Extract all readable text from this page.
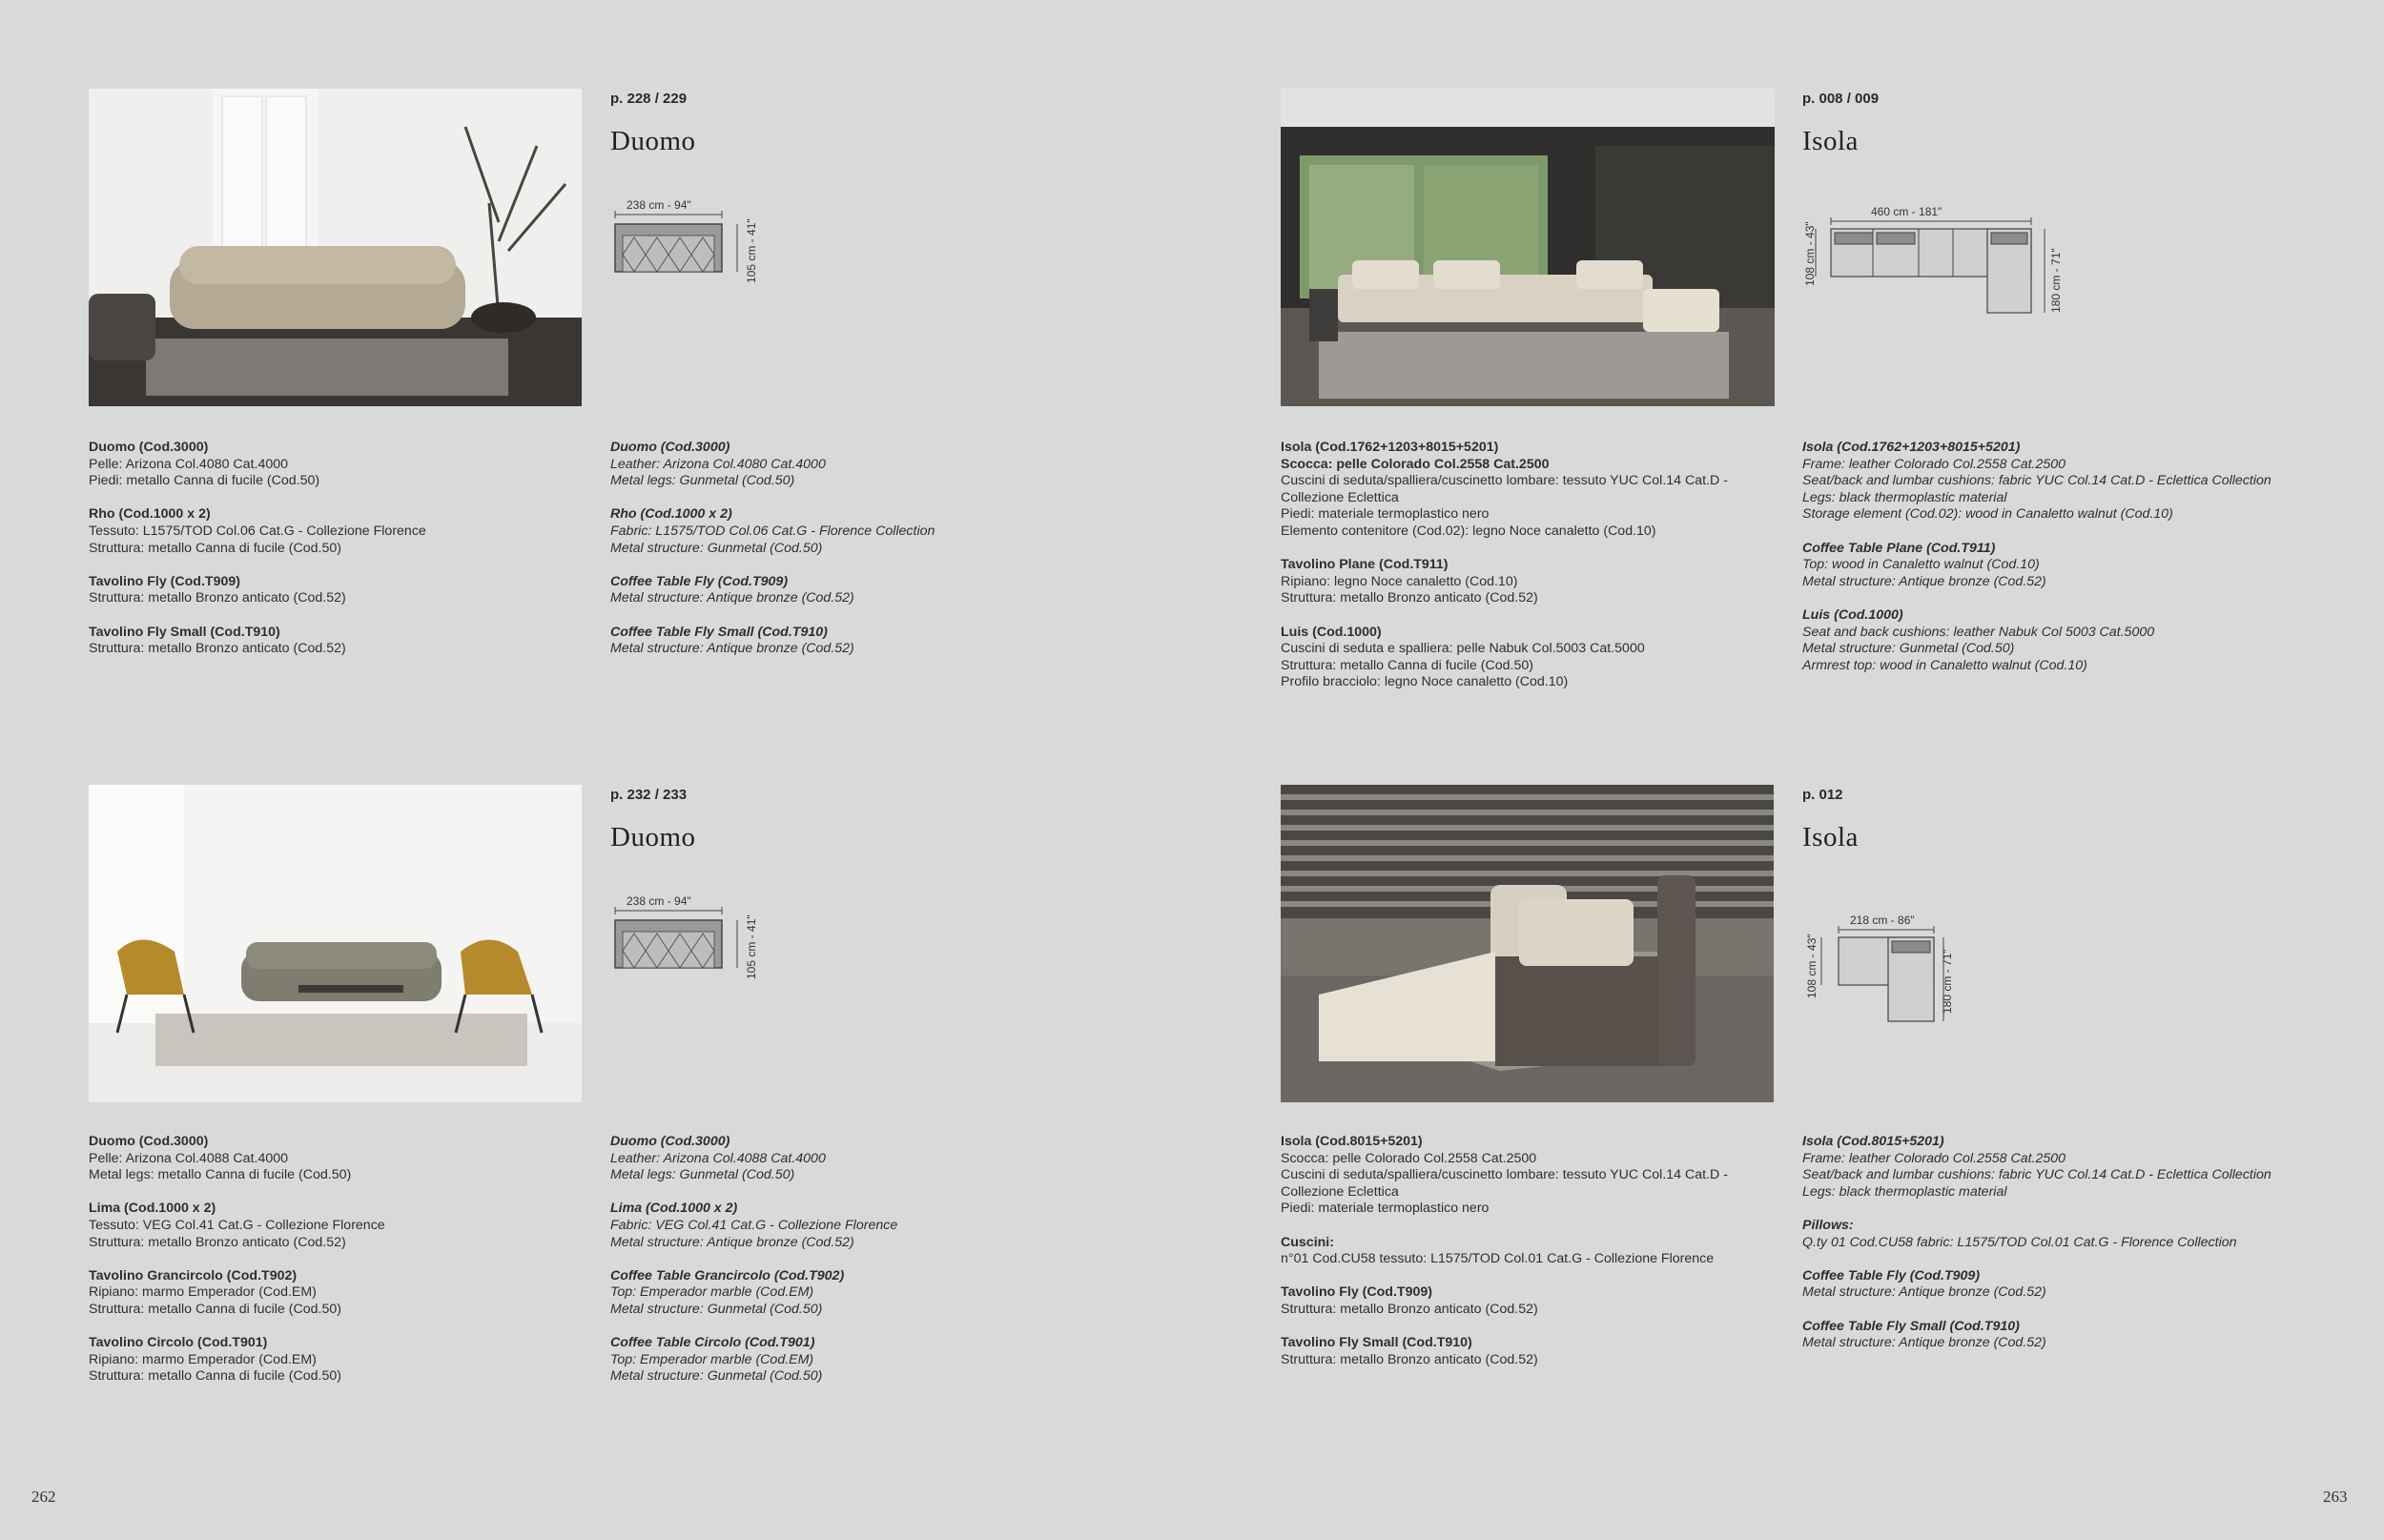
p. 228 / 229
Duomo
238 cm - 94"
105 cm - 41"
Duomo (Cod.3000)
Pelle: Arizona Col.4080 Cat.4000
Piedi: metallo Canna di fucile (Cod.50)
Rho (Cod.1000 x 2)
Tessuto: L1575/TOD Col.06 Cat.G - Collezione Florence
Struttura: metallo Canna di fucile (Cod.50)
Tavolino Fly (Cod.T909)
Struttura: metallo Bronzo anticato (Cod.52)
Tavolino Fly Small (Cod.T910)
Struttura: metallo Bronzo anticato (Cod.52)
Duomo (Cod.3000)
Leather: Arizona Col.4080 Cat.4000
Metal legs: Gunmetal (Cod.50)
Rho (Cod.1000 x 2)
Fabric: L1575/TOD Col.06 Cat.G - Florence Collection
Metal structure: Gunmetal (Cod.50)
Coffee Table Fly (Cod.T909)
Metal structure: Antique bronze (Cod.52)
Coffee Table Fly Small (Cod.T910)
Metal structure: Antique bronze (Cod.52)
p. 008 / 009
Isola
460 cm - 181"
108 cm - 43"	180 cm - 71"
Isola (Cod.1762+1203+8015+5201)
Scocca: pelle Colorado Col.2558 Cat.2500
Cuscini di seduta/spalliera/cuscinetto lombare: tessuto YUC Col.14 Cat.D -
Collezione Eclettica
Piedi: materiale termoplastico nero
Elemento contenitore (Cod.02): legno Noce canaletto (Cod.10)
Tavolino Plane (Cod.T911)
Ripiano: legno Noce canaletto (Cod.10)
Struttura: metallo Bronzo anticato (Cod.52)
Luis (Cod.1000)
Cuscini di seduta e spalliera: pelle Nabuk Col.5003 Cat.5000
Struttura: metallo Canna di fucile (Cod.50)
Profilo bracciolo: legno Noce canaletto (Cod.10)
Isola (Cod.1762+1203+8015+5201)
Frame: leather Colorado Col.2558 Cat.2500
Seat/back and lumbar cushions: fabric YUC Col.14 Cat.D - Eclettica Collection
Legs: black thermoplastic material
Storage element (Cod.02): wood in Canaletto walnut (Cod.10)
Coffee Table Plane (Cod.T911)
Top: wood in Canaletto walnut (Cod.10)
Metal structure: Antique bronze (Cod.52)
Luis (Cod.1000)
Seat and back cushions: leather Nabuk Col 5003 Cat.5000
Metal structure: Gunmetal (Cod.50)
Armrest top: wood in Canaletto walnut (Cod.10)
p. 232 / 233
Duomo
238 cm - 94"
105 cm - 41"
Duomo (Cod.3000)
Pelle: Arizona Col.4088 Cat.4000
Metal legs: metallo Canna di fucile (Cod.50)
Lima (Cod.1000 x 2)
Tessuto: VEG Col.41 Cat.G - Collezione Florence
Struttura: metallo Bronzo anticato (Cod.52)
Tavolino Grancircolo (Cod.T902)
Ripiano: marmo Emperador (Cod.EM)
Struttura: metallo Canna di fucile (Cod.50)
Tavolino Circolo (Cod.T901)
Ripiano: marmo Emperador (Cod.EM)
Struttura: metallo Canna di fucile (Cod.50)
Duomo (Cod.3000)
Leather: Arizona Col.4088 Cat.4000
Metal legs: Gunmetal (Cod.50)
Lima (Cod.1000 x 2)
Fabric: VEG Col.41 Cat.G - Collezione Florence
Metal structure: Antique bronze (Cod.52)
Coffee Table Grancircolo (Cod.T902)
Top: Emperador marble (Cod.EM)
Metal structure: Gunmetal (Cod.50)
Coffee Table Circolo (Cod.T901)
Top: Emperador marble (Cod.EM)
Metal structure: Gunmetal (Cod.50)
p. 012
Isola
218 cm - 86"
108 cm - 43"	180 cm - 71"
Isola (Cod.8015+5201)
Scocca: pelle Colorado Col.2558 Cat.2500
Cuscini di seduta/spalliera/cuscinetto lombare: tessuto YUC Col.14 Cat.D -
Collezione Eclettica
Piedi: materiale termoplastico nero
Cuscini:
n°01 Cod.CU58 tessuto: L1575/TOD Col.01 Cat.G - Collezione Florence
Tavolino Fly (Cod.T909)
Struttura: metallo Bronzo anticato (Cod.52)
Tavolino Fly Small (Cod.T910)
Struttura: metallo Bronzo anticato (Cod.52)
Isola (Cod.8015+5201)
Frame: leather Colorado Col.2558 Cat.2500
Seat/back and lumbar cushions: fabric YUC Col.14 Cat.D - Eclettica Collection
Legs: black thermoplastic material
Pillows:
Q.ty 01 Cod.CU58 fabric: L1575/TOD Col.01 Cat.G - Florence Collection
Coffee Table Fly (Cod.T909)
Metal structure: Antique bronze (Cod.52)
Coffee Table Fly Small (Cod.T910)
Metal structure: Antique bronze (Cod.52)
262	263
